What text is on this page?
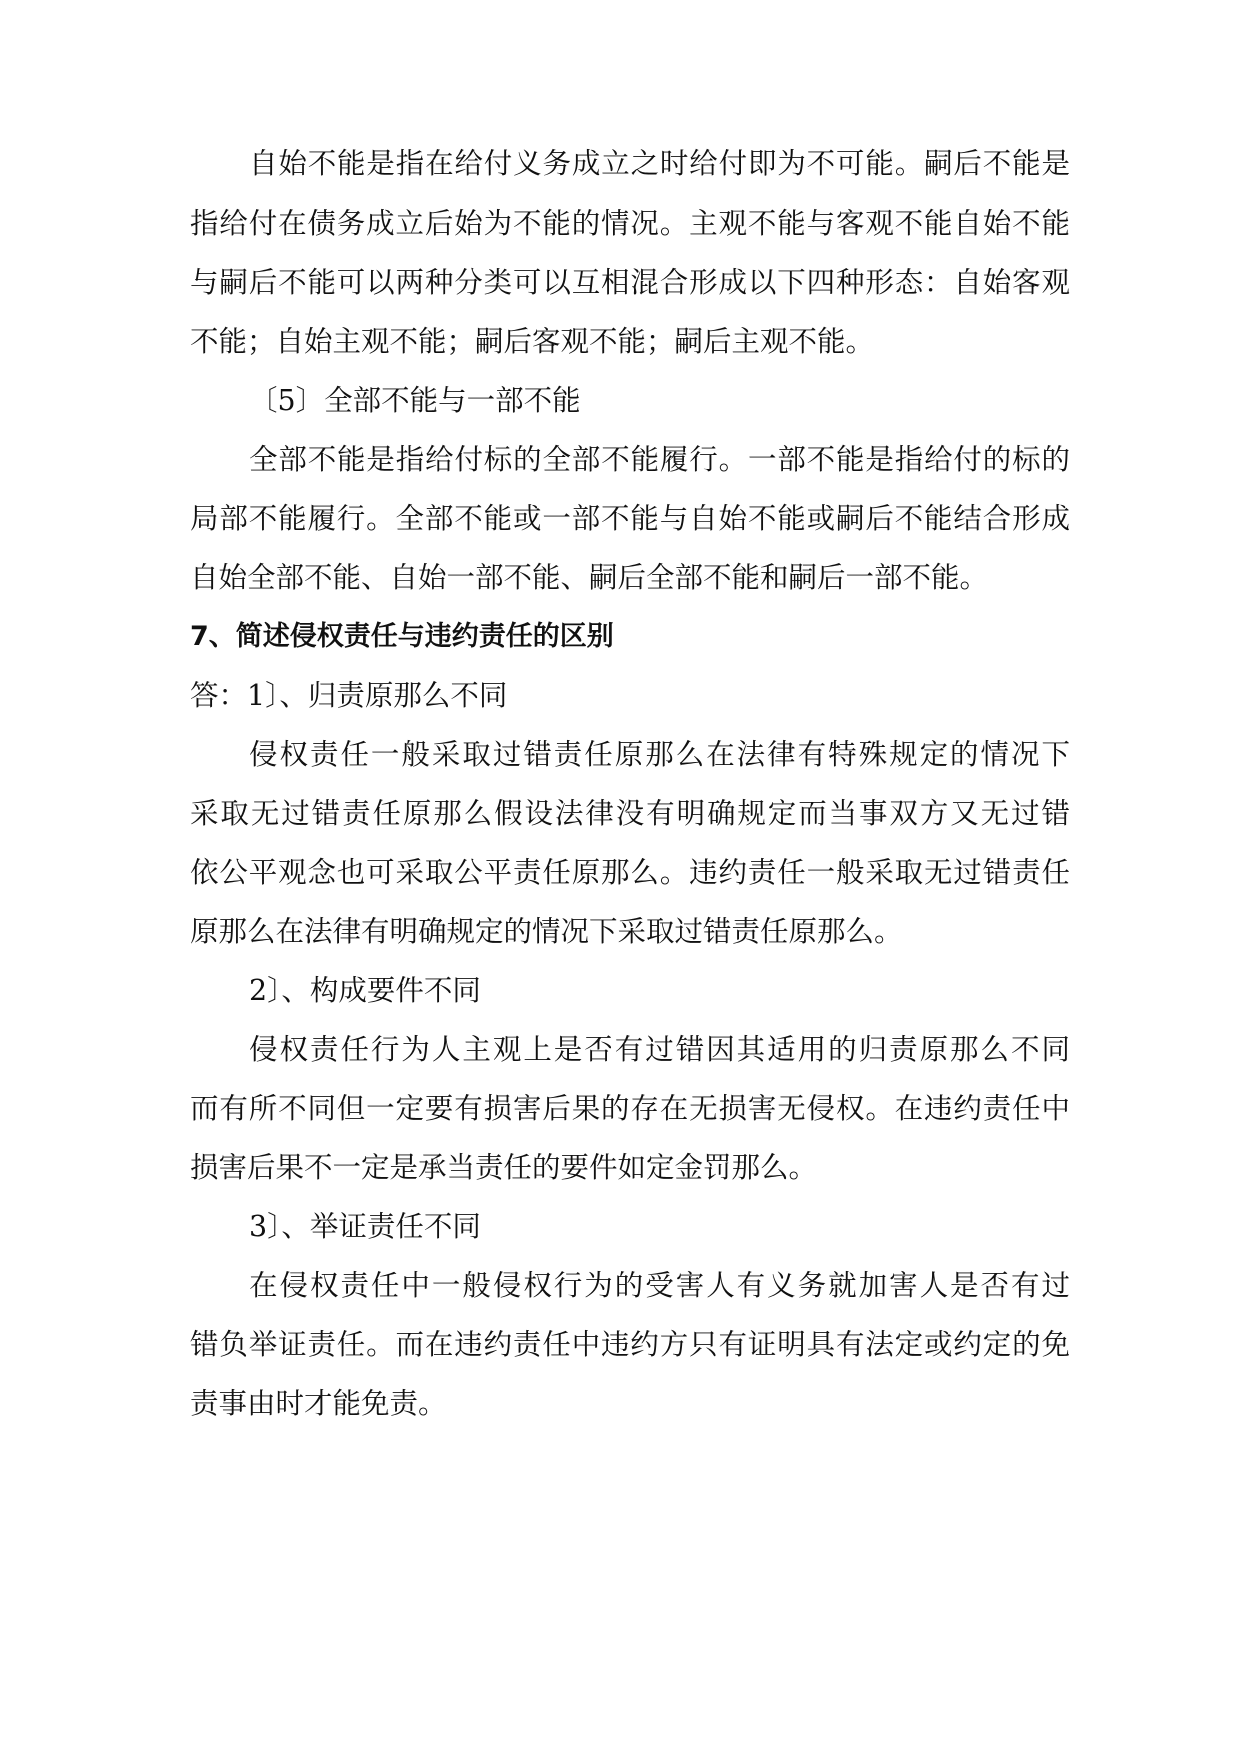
自始不能是指在给付义务成立之时给付即为不可能。嗣后不能是
指给付在债务成立后始为不能的情况。主观不能与客观不能自始不能
与嗣后不能可以两种分类可以互相混合形成以下四种形态：自始客观
不能；自始主观不能；嗣后客观不能；嗣后主观不能。
〔5〕全部不能与一部不能
全部不能是指给付标的全部不能履行。一部不能是指给付的标的
局部不能履行。全部不能或一部不能与自始不能或嗣后不能结合形成
自始全部不能、自始一部不能、嗣后全部不能和嗣后一部不能。
7、简述侵权责任与违约责任的区别
答：1〕、归责原那么不同
侵权责任一般采取过错责任原那么在法律有特殊规定的情况下
采取无过错责任原那么假设法律没有明确规定而当事双方又无过错
依公平观念也可采取公平责任原那么。违约责任一般采取无过错责任
原那么在法律有明确规定的情况下采取过错责任原那么。
2〕、构成要件不同
侵权责任行为人主观上是否有过错因其适用的归责原那么不同
而有所不同但一定要有损害后果的存在无损害无侵权。在违约责任中
损害后果不一定是承当责任的要件如定金罚那么。
3〕、举证责任不同
在侵权责任中一般侵权行为的受害人有义务就加害人是否有过
错负举证责任。而在违约责任中违约方只有证明具有法定或约定的免
责事由时才能免责。
